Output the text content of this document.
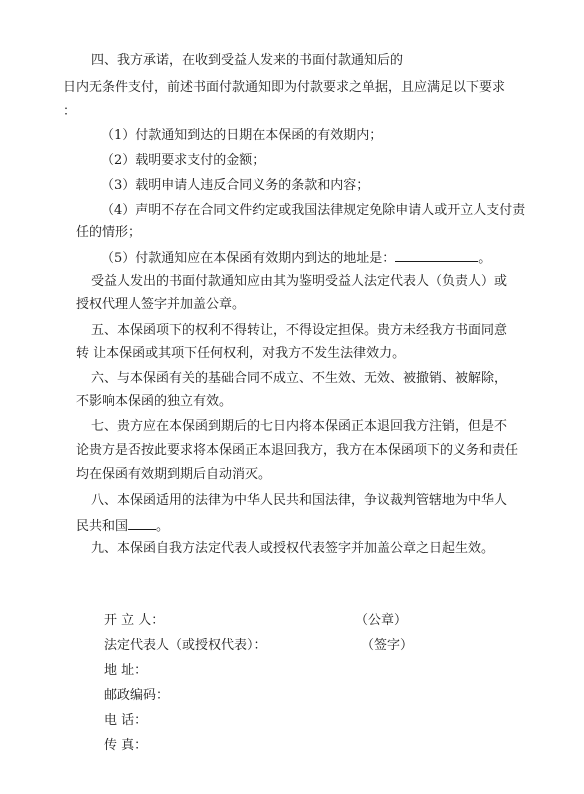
四、我方承诺，在收到受益人发来的书面付款通知后的
日内无条件支付，前述书面付款通知即为付款要求之单据，且应满足以下要求
：
（1）付款通知到达的日期在本保函的有效期内；
（2）载明要求支付的金额；
（3）载明申请人违反合同义务的条款和内容；
（4）声明不存在合同文件约定或我国法律规定免除申请人或开立人支付责
任的情形；
（5）付款通知应在本保函有效期内到达的地址是：	。
受益人发出的书面付款通知应由其为鉴明受益人法定代表人（负责人）或
授权代理人签字并加盖公章。
五、本保函项下的权利不得转让，不得设定担保。贵方未经我方书面同意
转 让本保函或其项下任何权利，对我方不发生法律效力。
六、与本保函有关的基础合同不成立、不生效、无效、被撤销、被解除，
不影响本保函的独立有效。
七、贵方应在本保函到期后的七日内将本保函正本退回我方注销，但是不
论贵方是否按此要求将本保函正本退回我方，我方在本保函项下的义务和责任
均在保函有效期到期后自动消灭。
八、本保函适用的法律为中华人民共和国法律，争议裁判管辖地为中华人
民共和国 。
九、本保函自我方法定代表人或授权代表签字并加盖公章之日起生效。
开 立 人：	（公章）
法定代表人（或授权代表）：	（签字）
地 址：
邮政编码：
电 话：
传 真：
